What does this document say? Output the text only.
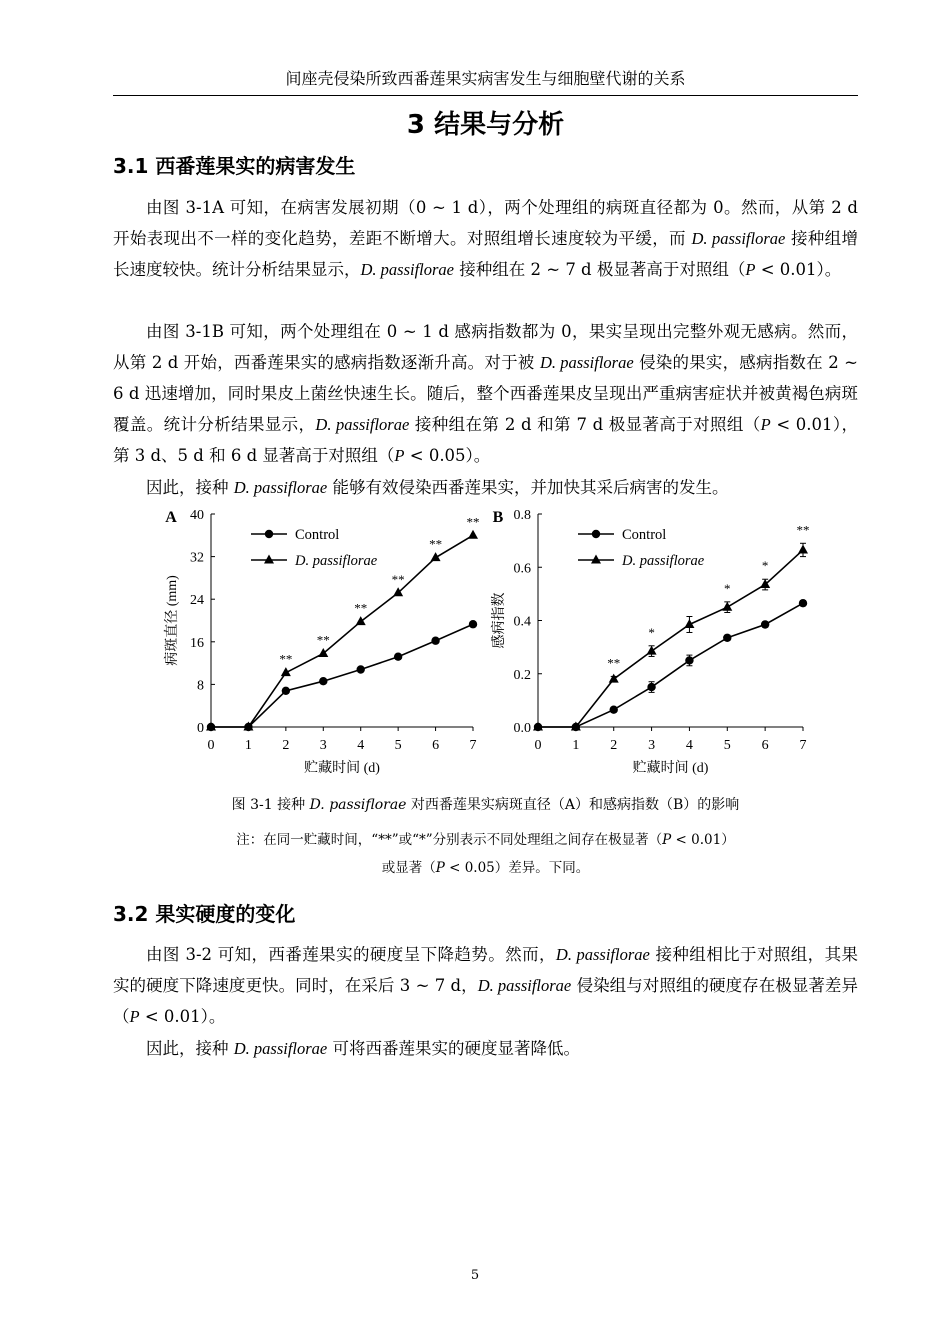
间座壳侵染所致西番莲果实病害发生与细胞壁代谢的关系
3 结果与分析
3.1 西番莲果实的病害发生

由图 3-1A 可知，在病害发展初期（0 ~ 1 d），两个处理组的病斑直径都为 0。然而，从第 2 d 开始表现出不一样的变化趋势，差距不断增大。对照组增长速度较为平缓，而 D. passiflorae 接种组增长速度较快。统计分析结果显示，D. passiflorae 接种组在 2 ~ 7 d 极显著高于对照组（P < 0.01）。

由图 3-1B 可知，两个处理组在 0 ~ 1 d 感病指数都为 0，果实呈现出完整外观无感病。然而，从第 2 d 开始，西番莲果实的感病指数逐渐升高。对于被 D. passiflorae 侵染的果实，感病指数在 2 ~ 6 d 迅速增加，同时果皮上菌丝快速生长。随后，整个西番莲果皮呈现出严重病害症状并被黄褐色病斑覆盖。统计分析结果显示，D. passiflorae 接种组在第 2 d 和第 7 d 极显著高于对照组（P < 0.01），第 3 d、5 d 和 6 d 显著高于对照组（P < 0.05）。

因此，接种 D. passiflorae 能够有效侵染西番莲果实，并加快其采后病害的发生。

0
8
16
24
32
40
0 1 2 3 4 5 6 7
贮藏时间 (d)
病斑直径 (mm)
A
**
**
**
**
**
**
Control
D. passiflorae
0.0
0.2
0.4
0.6
0.8
0 1 2 3 4 5 6 7
贮藏时间 (d)
感病指数
B
**
*
*
*
**
Control
D. passiflorae
图 3-1 接种 D. passiflorae 对西番莲果实病斑直径（A）和感病指数（B）的影响
注：在同一贮藏时间，“**”或“*”分别表示不同处理组之间存在极显著（P < 0.01）
或显著（P < 0.05）差异。下同。
3.2 果实硬度的变化

由图 3-2 可知，西番莲果实的硬度呈下降趋势。然而，D. passiflorae 接种组相比于对照组，其果实的硬度下降速度更快。同时，在采后 3 ~ 7 d，D. passiflorae 侵染组与对照组的硬度存在极显著差异（P < 0.01）。

因此，接种 D. passiflorae 可将西番莲果实的硬度显著降低。

5
